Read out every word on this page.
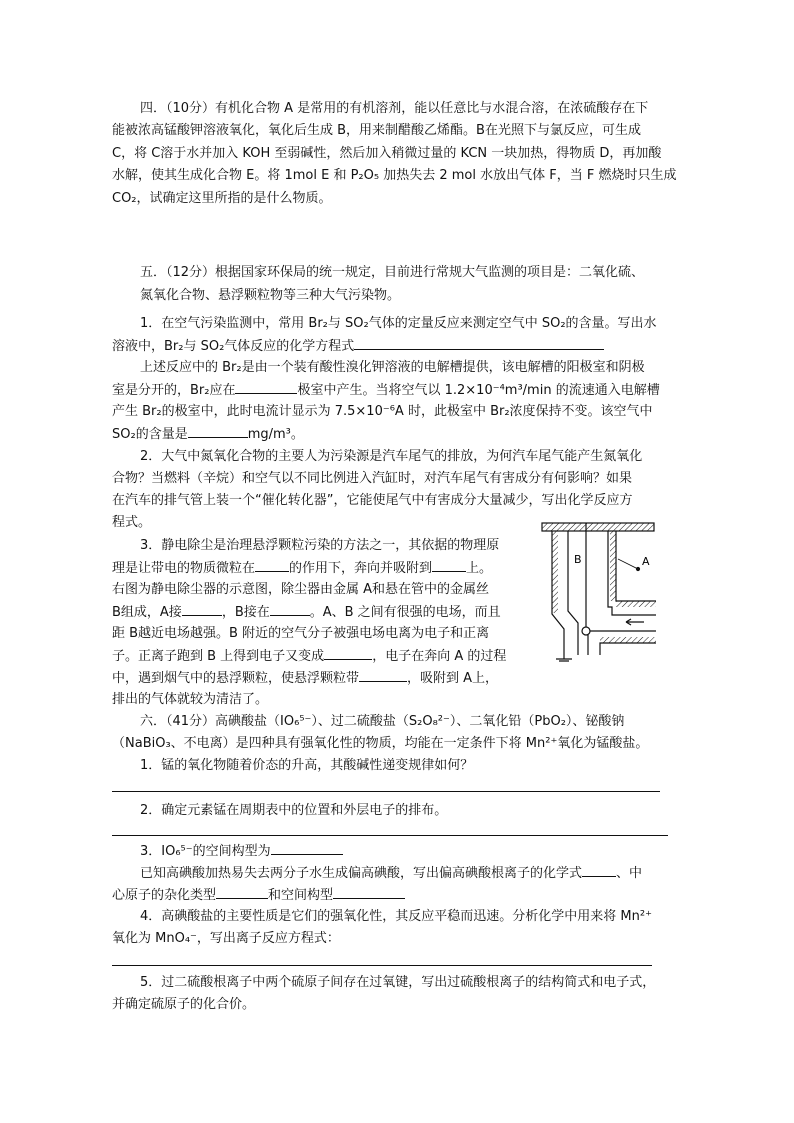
四．（10分）有机化合物 A 是常用的有机溶剂，能以任意比与水混合溶，在浓硫酸存在下

能被浓高锰酸钾溶液氧化，氧化后生成 B，用来制醋酸乙烯酯。B在光照下与氯反应，可生成

C，将 C溶于水并加入 KOH 至弱碱性，然后加入稍微过量的 KCN 一块加热，得物质 D，再加酸

水解，使其生成化合物 E。将 1mol E 和 P₂O₅ 加热失去 2 mol 水放出气体 F，当 F 燃烧时只生成

CO₂，试确定这里所指的是什么物质。

五．（12分）根据国家环保局的统一规定，目前进行常规大气监测的项目是：二氧化硫、

氮氧化合物、悬浮颗粒物等三种大气污染物。

1．在空气污染监测中，常用 Br₂与 SO₂气体的定量反应来测定空气中 SO₂的含量。写出水

溶液中，Br₂与 SO₂气体反应的化学方程式

上述反应中的 Br₂是由一个装有酸性溴化钾溶液的电解槽提供，该电解槽的阳极室和阴极

室是分开的，Br₂应在	极室中产生。当将空气以 1.2×10⁻⁴m³/min 的流速通入电解槽

产生 Br₂的极室中，此时电流计显示为 7.5×10⁻⁶A 时，此极室中 Br₂浓度保持不变。该空气中

SO₂的含量是	mg/m³。

2．大气中氮氧化合物的主要人为污染源是汽车尾气的排放，为何汽车尾气能产生氮氧化

合物？当燃料（辛烷）和空气以不同比例进入汽缸时，对汽车尾气有害成分有何影响？如果

在汽车的排气管上装一个“催化转化器”，它能使尾气中有害成分大量减少，写出化学反应方

程式。

3．静电除尘是治理悬浮颗粒污染的方法之一，其依据的物理原

理是让带电的物质微粒在	的作用下，奔向并吸附到	上。

右图为静电除尘器的示意图，除尘器由金属 A和悬在管中的金属丝

B组成，A接	，B接在	。A、B 之间有很强的电场，而且

距 B越近电场越强。B 附近的空气分子被强电场电离为电子和正离

子。正离子跑到 B 上得到电子又变成	，电子在奔向 A 的过程

中，遇到烟气中的悬浮颗粒，使悬浮颗粒带	，吸附到 A上，

排出的气体就较为清洁了。

B	A

六．（41分）高碘酸盐（IO₆⁵⁻）、过二硫酸盐（S₂O₈²⁻）、二氧化铅（PbO₂）、铋酸钠

（NaBiO₃、不电离）是四种具有强氧化性的物质，均能在一定条件下将 Mn²⁺氧化为锰酸盐。

1．锰的氧化物随着价态的升高，其酸碱性递变规律如何？

2．确定元素锰在周期表中的位置和外层电子的排布。

3．IO₆⁵⁻的空间构型为

已知高碘酸加热易失去两分子水生成偏高碘酸，写出偏高碘酸根离子的化学式	、中

心原子的杂化类型	和空间构型

4．高碘酸盐的主要性质是它们的强氧化性，其反应平稳而迅速。分析化学中用来将 Mn²⁺

氧化为 MnO₄⁻，写出离子反应方程式：

5．过二硫酸根离子中两个硫原子间存在过氧键，写出过硫酸根离子的结构简式和电子式，

并确定硫原子的化合价。
